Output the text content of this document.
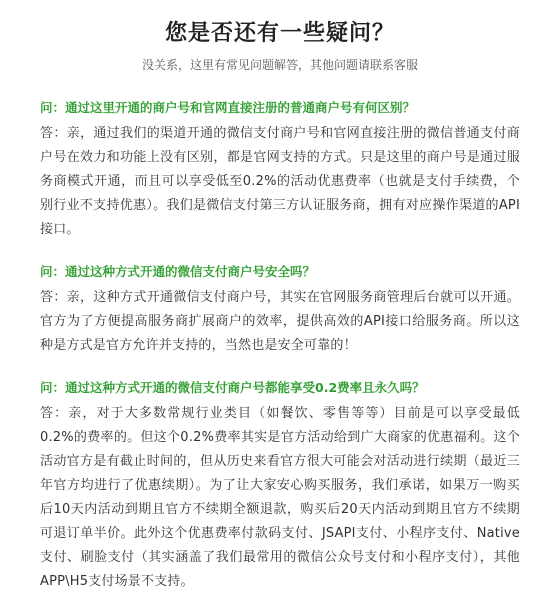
您是否还有一些疑问？
没关系，这里有常见问题解答，其他问题请联系客服
问：通过这里开通的商户号和官网直接注册的普通商户号有何区别？
答：亲，通过我们的渠道开通的微信支付商户号和官网直接注册的微信普通支付商户号在效力和功能上没有区别，都是官网支持的方式。只是这里的商户号是通过服务商模式开通，而且可以享受低至0.2%的活动优惠费率（也就是支付手续费，个别行业不支持优惠）。我们是微信支付第三方认证服务商，拥有对应操作渠道的API接口。
问：通过这种方式开通的微信支付商户号安全吗？
答：亲，这种方式开通微信支付商户号，其实在官网服务商管理后台就可以开通。官方为了方便提高服务商扩展商户的效率，提供高效的API接口给服务商。所以这种是方式是官方允许并支持的，当然也是安全可靠的！
问：通过这种方式开通的微信支付商户号都能享受0.2费率且永久吗？
答：亲，对于大多数常规行业类目（如餐饮、零售等等）目前是可以享受最低0.2%的费率的。但这个0.2%费率其实是官方活动给到广大商家的优惠福利。这个活动官方是有截止时间的，但从历史来看官方很大可能会对活动进行续期（最近三年官方均进行了优惠续期）。为了让大家安心购买服务，我们承诺，如果万一购买后10天内活动到期且官方不续期全额退款，购买后20天内活动到期且官方不续期可退订单半价。此外这个优惠费率付款码支付、JSAPI支付、小程序支付、Native支付、刷脸支付（其实涵盖了我们最常用的微信公众号支付和小程序支付），其他APP\H5支付场景不支持。
